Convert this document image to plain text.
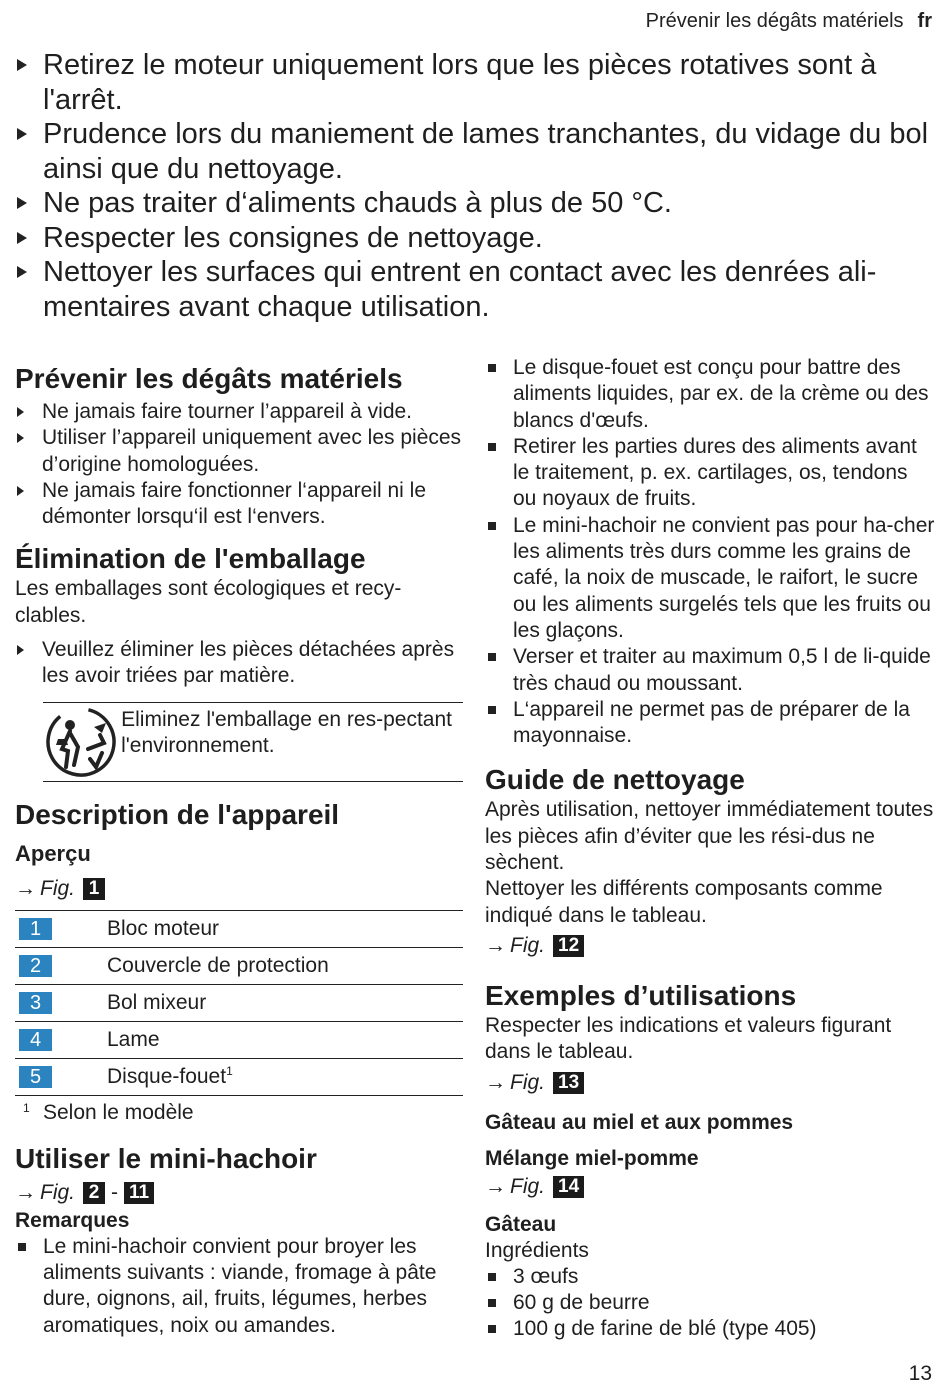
Prévenir les dégâts matériels fr
Retirez le moteur uniquement lors que les pièces rotatives sont à l'arrêt.
Prudence lors du maniement de lames tranchantes, du vidage du bol ainsi que du nettoyage.
Ne pas traiter d‘aliments chauds à plus de 50 °C.
Respecter les consignes de nettoyage.
Nettoyer les surfaces qui entrent en contact avec les denrées ali-mentaires avant chaque utilisation.
Prévenir les dégâts matériels
Ne jamais faire tourner l’appareil à vide.
Utiliser l’appareil uniquement avec les pièces d’origine homologuées.
Ne jamais faire fonctionner l‘appareil ni le démonter lorsqu‘il est l‘envers.
Élimination de l'emballage

Les emballages sont écologiques et recy-clables.

Veuillez éliminer les pièces détachées après les avoir triées par matière.
Eliminez l'emballage en res-pectant l'environnement.
Description de l'appareil
Aperçu
→ Fig. 1
1	Bloc moteur
2	Couvercle de protection
3	Bol mixeur
4	Lame
5	Disque-fouet$^1$
1 Selon le modèle
Utiliser le mini-hachoir
→ Fig. 2 - 11
Remarques
Le mini-hachoir convient pour broyer les aliments suivants : viande, fromage à pâte dure, oignons, ail, fruits, légumes, herbes aromatiques, noix ou amandes.
Le disque-fouet est conçu pour battre des aliments liquides, par ex. de la crème ou des blancs d'œufs.
Retirer les parties dures des aliments avant le traitement, p. ex. cartilages, os, tendons ou noyaux de fruits.
Le mini-hachoir ne convient pas pour ha-cher les aliments très durs comme les grains de café, la noix de muscade, le raifort, le sucre ou les aliments surgelés tels que les fruits ou les glaçons.
Verser et traiter au maximum 0,5 l de li-quide très chaud ou moussant.
L‘appareil ne permet pas de préparer de la mayonnaise.
Guide de nettoyage

Après utilisation, nettoyer immédiatement toutes les pièces afin d’éviter que les rési-dus ne sèchent.

Nettoyer les différents composants comme indiqué dans le tableau.

→ Fig. 12
Exemples d’utilisations

Respecter les indications et valeurs figurant dans le tableau.

→ Fig. 13
Gâteau au miel et aux pommes
Mélange miel-pomme
→ Fig. 14
Gâteau

Ingrédients

3 œufs
60 g de beurre
100 g de farine de blé (type 405)
13
